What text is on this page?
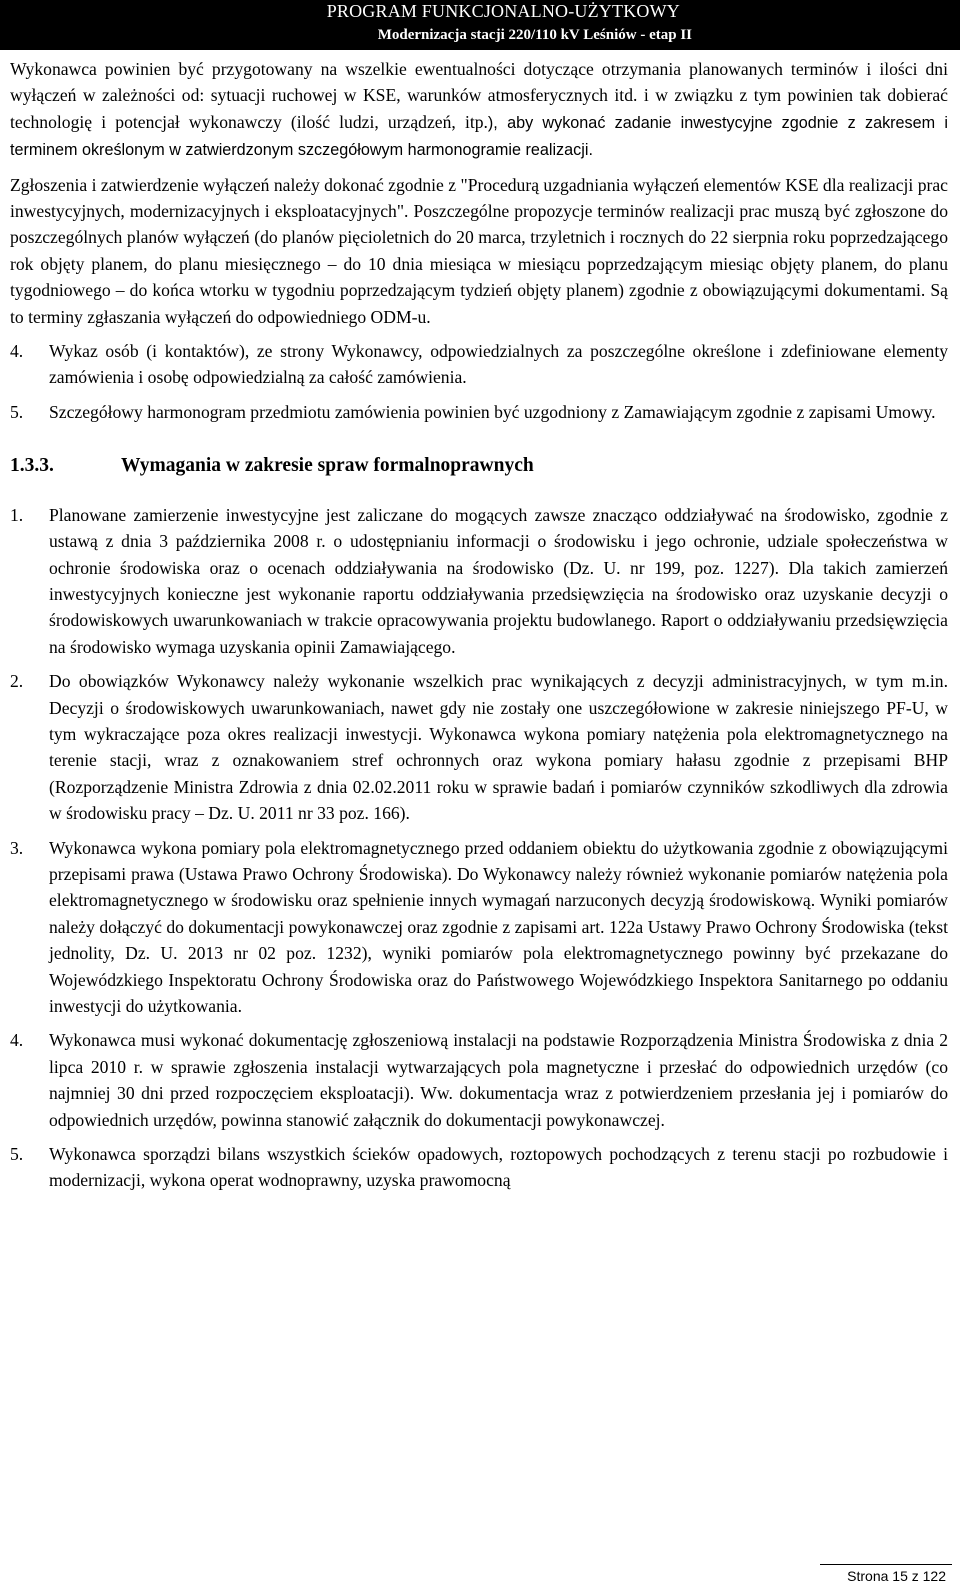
PROGRAM FUNKCJONALNO-UŻYTKOWY
Modernizacja stacji 220/110 kV Leśniów - etap II

Wykonawca powinien być przygotowany na wszelkie ewentualności dotyczące otrzymania planowanych terminów i ilości dni wyłączeń w zależności od: sytuacji ruchowej w KSE, warunków atmosferycznych itd. i w związku z tym powinien tak dobierać technologię i potencjał wykonawczy (ilość ludzi, urządzeń, itp.), aby wykonać zadanie inwestycyjne zgodnie z zakresem i terminem określonym w zatwierdzonym szczegółowym harmonogramie realizacji.

Zgłoszenia i zatwierdzenie wyłączeń należy dokonać zgodnie z "Procedurą uzgadniania wyłączeń elementów KSE dla realizacji prac inwestycyjnych, modernizacyjnych i eksploatacyjnych". Poszczególne propozycje terminów realizacji prac muszą być zgłoszone do poszczególnych planów wyłączeń (do planów pięcioletnich do 20 marca, trzyletnich i rocznych do 22 sierpnia roku poprzedzającego rok objęty planem, do planu miesięcznego – do 10 dnia miesiąca w miesiącu poprzedzającym miesiąc objęty planem, do planu tygodniowego – do końca wtorku w tygodniu poprzedzającym tydzień objęty planem) zgodnie z obowiązującymi dokumentami. Są to terminy zgłaszania wyłączeń do odpowiedniego ODM-u.

4.	Wykaz osób (i kontaktów), ze strony Wykonawcy, odpowiedzialnych za poszczególne określone i zdefiniowane elementy zamówienia i osobę odpowiedzialną za całość zamówienia.
5.	Szczegółowy harmonogram przedmiotu zamówienia powinien być uzgodniony z Zamawiającym zgodnie z zapisami Umowy.
1.3.3.	Wymagania w zakresie spraw formalnoprawnych
1.	Planowane zamierzenie inwestycyjne jest zaliczane do mogących zawsze znacząco oddziaływać na środowisko, zgodnie z ustawą z dnia 3 października 2008 r. o udostępnianiu informacji o środowisku i jego ochronie, udziale społeczeństwa w ochronie środowiska oraz o ocenach oddziaływania na środowisko (Dz. U. nr 199, poz. 1227). Dla takich zamierzeń inwestycyjnych konieczne jest wykonanie raportu oddziaływania przedsięwzięcia na środowisko oraz uzyskanie decyzji o środowiskowych uwarunkowaniach w trakcie opracowywania projektu budowlanego. Raport o oddziaływaniu przedsięwzięcia na środowisko wymaga uzyskania opinii Zamawiającego.
2.	Do obowiązków Wykonawcy należy wykonanie wszelkich prac wynikających z decyzji administracyjnych, w tym m.in. Decyzji o środowiskowych uwarunkowaniach, nawet gdy nie zostały one uszczegółowione w zakresie niniejszego PF-U, w tym wykraczające poza okres realizacji inwestycji. Wykonawca wykona pomiary natężenia pola elektromagnetycznego na terenie stacji, wraz z oznakowaniem stref ochronnych oraz wykona pomiary hałasu zgodnie z przepisami BHP (Rozporządzenie Ministra Zdrowia z dnia 02.02.2011 roku w sprawie badań i pomiarów czynników szkodliwych dla zdrowia w środowisku pracy – Dz. U. 2011 nr 33 poz. 166).
3.	Wykonawca wykona pomiary pola elektromagnetycznego przed oddaniem obiektu do użytkowania zgodnie z obowiązującymi przepisami prawa (Ustawa Prawo Ochrony Środowiska). Do Wykonawcy należy również wykonanie pomiarów natężenia pola elektromagnetycznego w środowisku oraz spełnienie innych wymagań narzuconych decyzją środowiskową. Wyniki pomiarów należy dołączyć do dokumentacji powykonawczej oraz zgodnie z zapisami art. 122a Ustawy Prawo Ochrony Środowiska (tekst jednolity, Dz. U. 2013 nr 02 poz. 1232), wyniki pomiarów pola elektromagnetycznego powinny być przekazane do Wojewódzkiego Inspektoratu Ochrony Środowiska oraz do Państwowego Wojewódzkiego Inspektora Sanitarnego po oddaniu inwestycji do użytkowania.
4.	Wykonawca musi wykonać dokumentację zgłoszeniową instalacji na podstawie Rozporządzenia Ministra Środowiska z dnia 2 lipca 2010 r. w sprawie zgłoszenia instalacji wytwarzających pola magnetyczne i przesłać do odpowiednich urzędów (co najmniej 30 dni przed rozpoczęciem eksploatacji). Ww. dokumentacja wraz z potwierdzeniem przesłania jej i pomiarów do odpowiednich urzędów, powinna stanowić załącznik do dokumentacji powykonawczej.
5.	Wykonawca sporządzi bilans wszystkich ścieków opadowych, roztopowych pochodzących z terenu stacji po rozbudowie i modernizacji, wykona operat wodnoprawny, uzyska prawomocną
Strona 15 z 122
